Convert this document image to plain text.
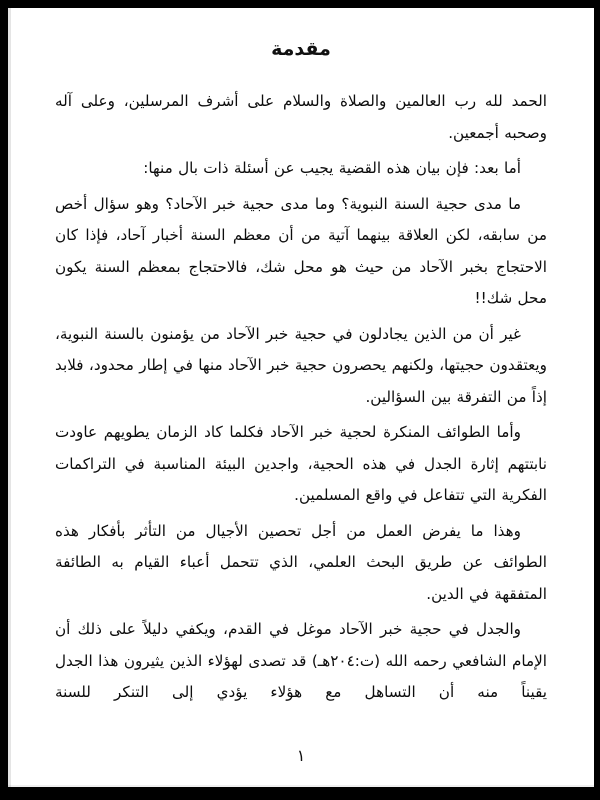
مقدمة

الحمد لله رب العالمين والصلاة والسلام على أشرف المرسلين، وعلى آله وصحبه أجمعين.

أما بعد: فإن بيان هذه القضية يجيب عن أسئلة ذات بال منها:

ما مدى حجية السنة النبوية؟ وما مدى حجية خبر الآحاد؟ وهو سؤال أخص من سابقه، لكن العلاقة بينهما آتية من أن معظم السنة أخبار آحاد، فإذا كان الاحتجاج بخبر الآحاد من حيث هو محل شك، فالاحتجاج بمعظم السنة يكون محل شك!!

غير أن من الذين يجادلون في حجية خبر الآحاد من يؤمنون بالسنة النبوية، ويعتقدون حجيتها، ولكنهم يحصرون حجية خبر الآحاد منها في إطار محدود، فلابد إذاً من التفرقة بين السؤالين.

وأما الطوائف المنكرة لحجية خبر الآحاد فكلما كاد الزمان يطويهم عاودت نابتتهم إثارة الجدل في هذه الحجية، واجدين البيئة المناسبة في التراكمات الفكرية التي تتفاعل في واقع المسلمين.

وهذا ما يفرض العمل من أجل تحصين الأجيال من التأثر بأفكار هذه الطوائف عن طريق البحث العلمي، الذي تتحمل أعباء القيام به الطائفة المتفقهة في الدين.

والجدل في حجية خبر الآحاد موغل في القدم، ويكفي دليلاً على ذلك أن الإمام الشافعي رحمه الله (ت:٢٠٤هـ) قد تصدى لهؤلاء الذين يثيرون هذا الجدل يقيناً منه أن التساهل مع هؤلاء يؤدي إلى التنكر للسنة

١
